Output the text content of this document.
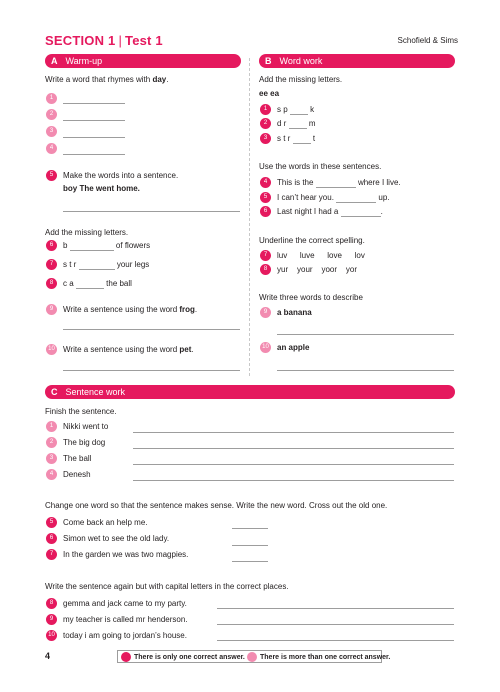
SECTION 1 | Test 1	Schofield & Sims
A Warm-up
Write a word that rhymes with day.
1
2
3
4
5	Make the words into a sentence.
boy The went home.
Add the missing letters.
6	b	of flowers
7	s t r	your legs
8	c a	the ball
9	Write a sentence using the word frog.
10 Write a sentence using the word pet.
B Word work
Add the missing letters.
ee ea
1	s p	k
2	d r	m
3	s t r	t
Use the words in these sentences.
4	This is the	where I live.
5	I can’t hear you.	up.
6	Last night I had a	.
Underline the correct spelling.
7	luv luve love lov
8	yur your yoor yor
Write three words to describe
9	a banana
10 an apple
C Sentence work
Finish the sentence.
1	Nikki went to
2	The big dog
3	The ball
4	Denesh
Change one word so that the sentence makes sense. Write the new word. Cross out the old one.
5	Come back an help me.
6	Simon wet to see the old lady.
7	In the garden we was two magpies.
Write the sentence again but with capital letters in the correct places.
8	gemma and jack came to my party.
9	my teacher is called mr henderson.
10 today i am going to jordan’s house.
4	There is only one correct answer. There is more than one correct answer.
